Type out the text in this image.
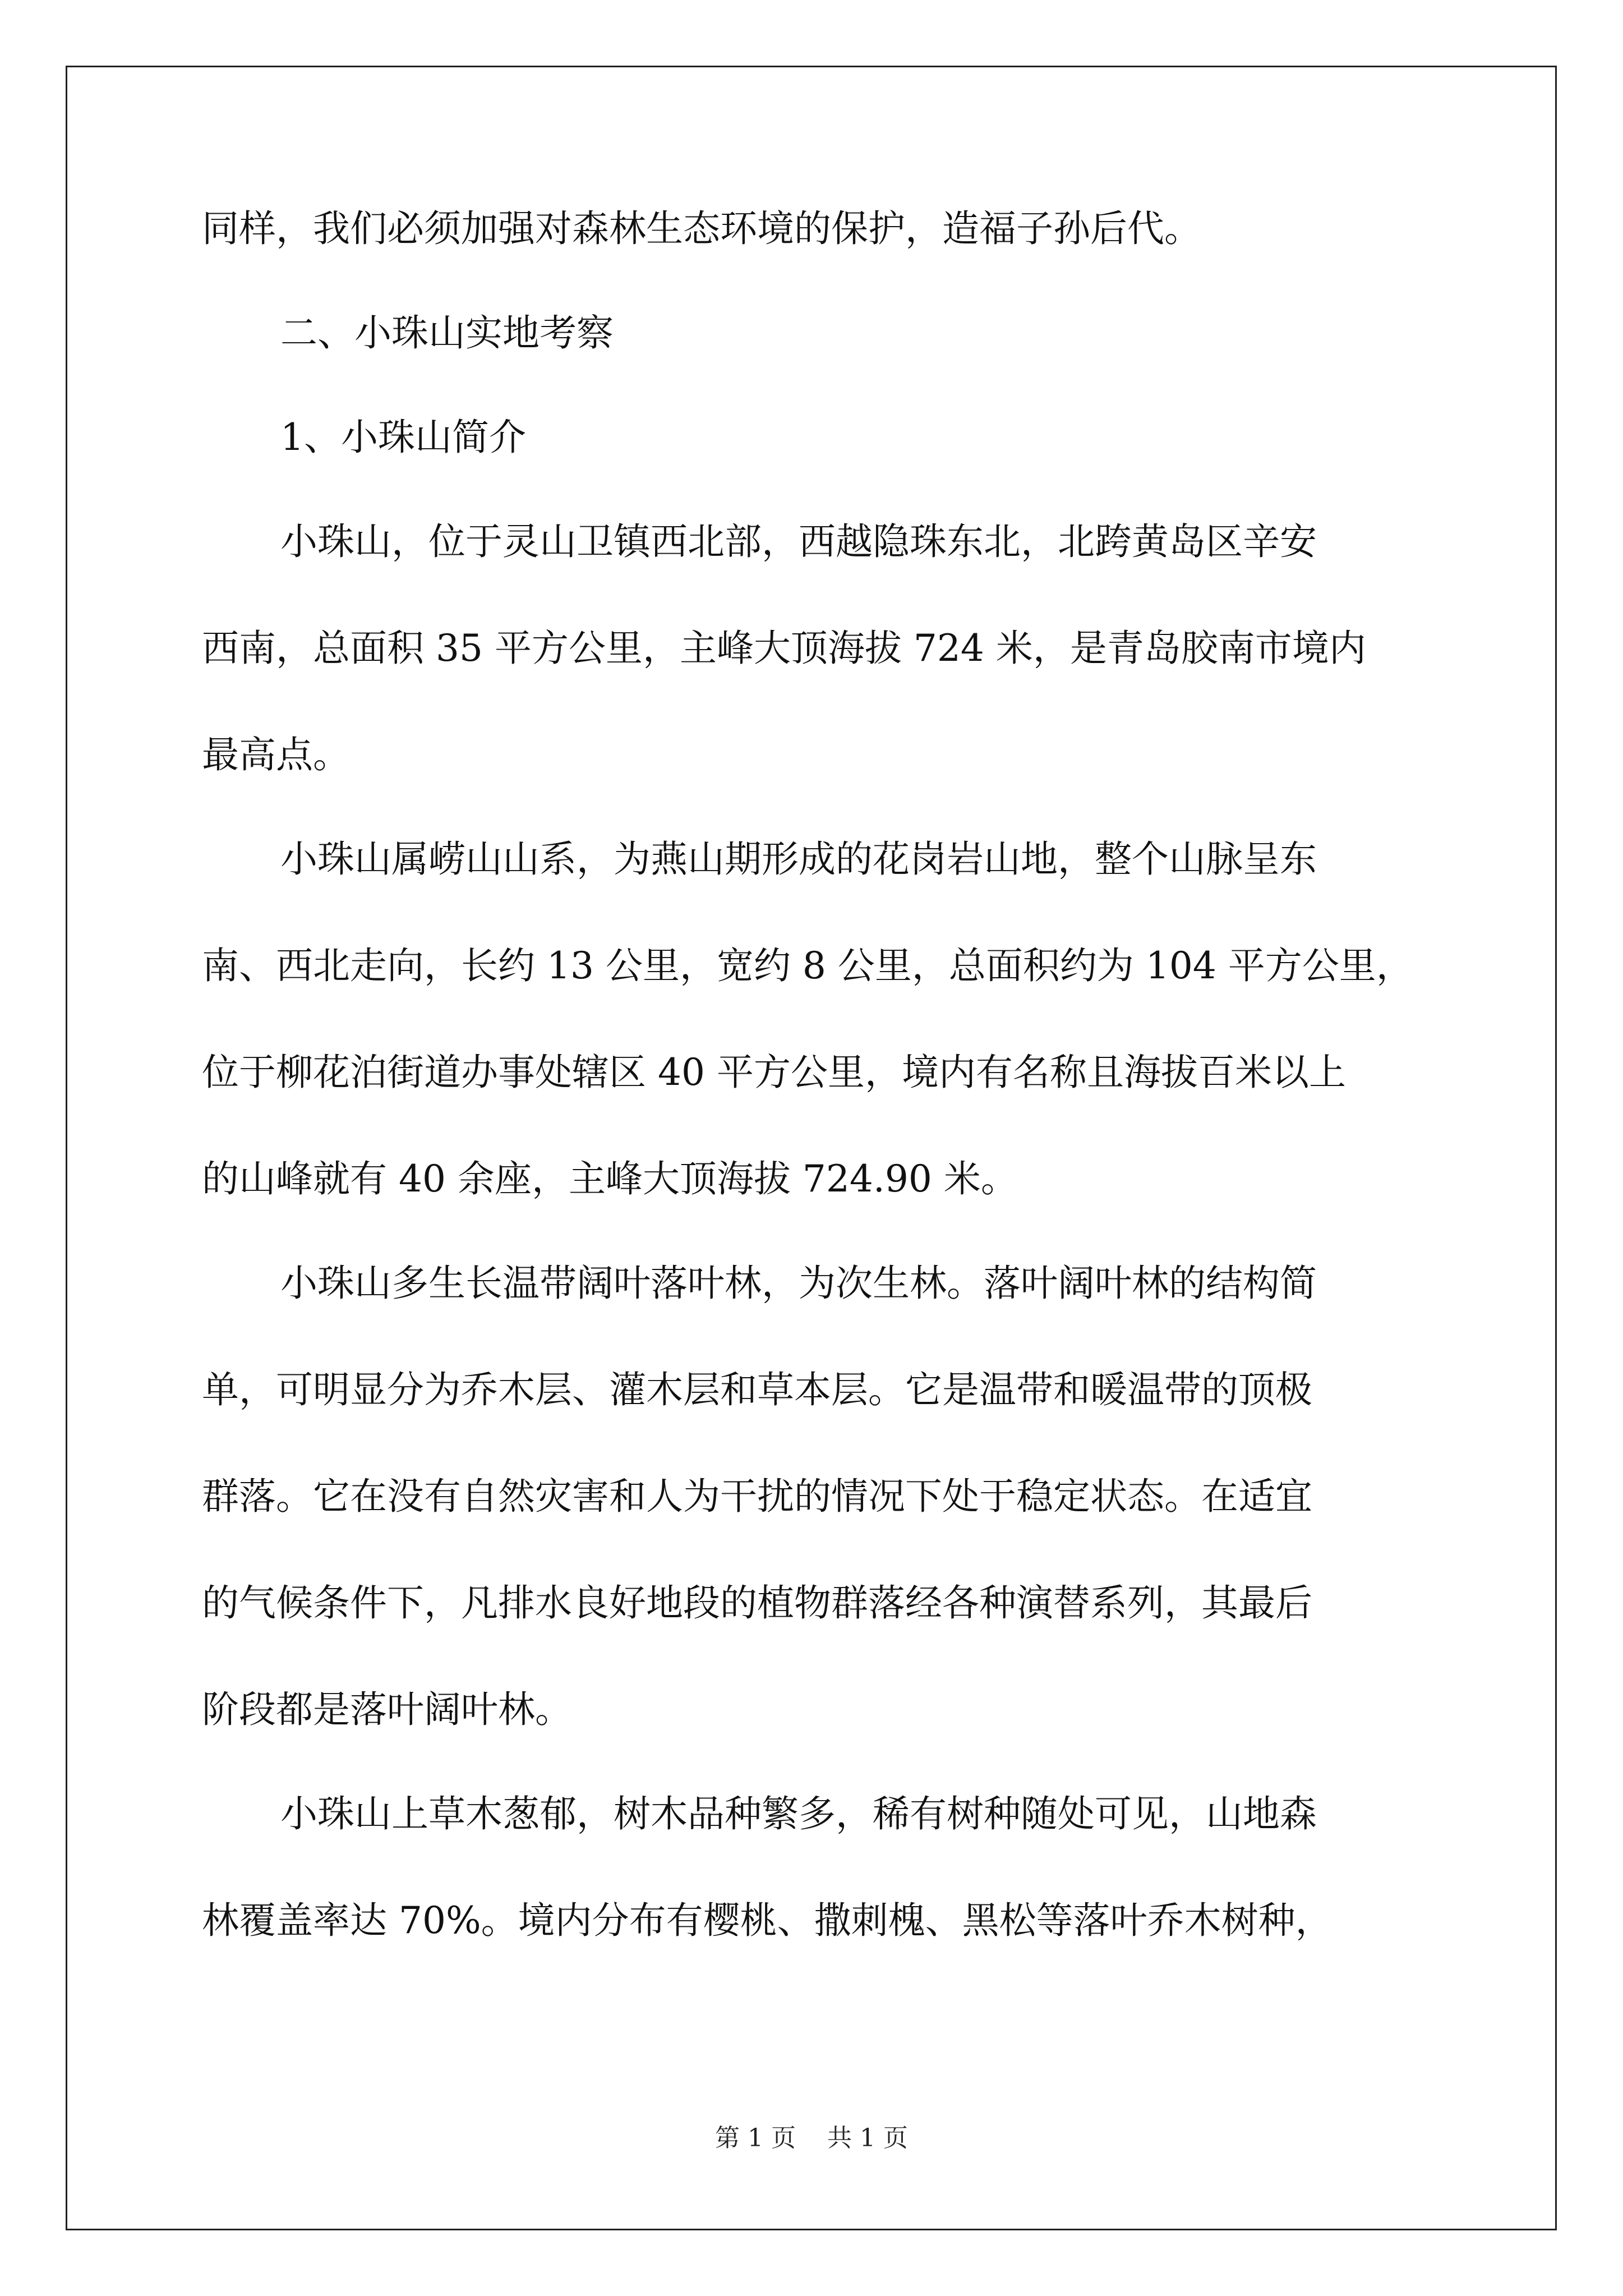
同样，我们必须加强对森林生态环境的保护，造福子孙后代。

二、小珠山实地考察

1、小珠山简介

小珠山，位于灵山卫镇西北部，西越隐珠东北，北跨黄岛区辛安

西南，总面积 35 平方公里，主峰大顶海拔 724 米，是青岛胶南市境内

最高点。

小珠山属崂山山系，为燕山期形成的花岗岩山地，整个山脉呈东

南、西北走向，长约 13 公里，宽约 8 公里，总面积约为 104 平方公里，

位于柳花泊街道办事处辖区 40 平方公里，境内有名称且海拔百米以上

的山峰就有 40 余座，主峰大顶海拔 724.90 米。

小珠山多生长温带阔叶落叶林，为次生林。落叶阔叶林的结构简

单，可明显分为乔木层、灌木层和草本层。它是温带和暖温带的顶极

群落。它在没有自然灾害和人为干扰的情况下处于稳定状态。在适宜

的气候条件下，凡排水良好地段的植物群落经各种演替系列，其最后

阶段都是落叶阔叶林。

小珠山上草木葱郁，树木品种繁多，稀有树种随处可见，山地森

林覆盖率达 70%。境内分布有樱桃、撒刺槐、黑松等落叶乔木树种，

第 1 页    共 1 页
